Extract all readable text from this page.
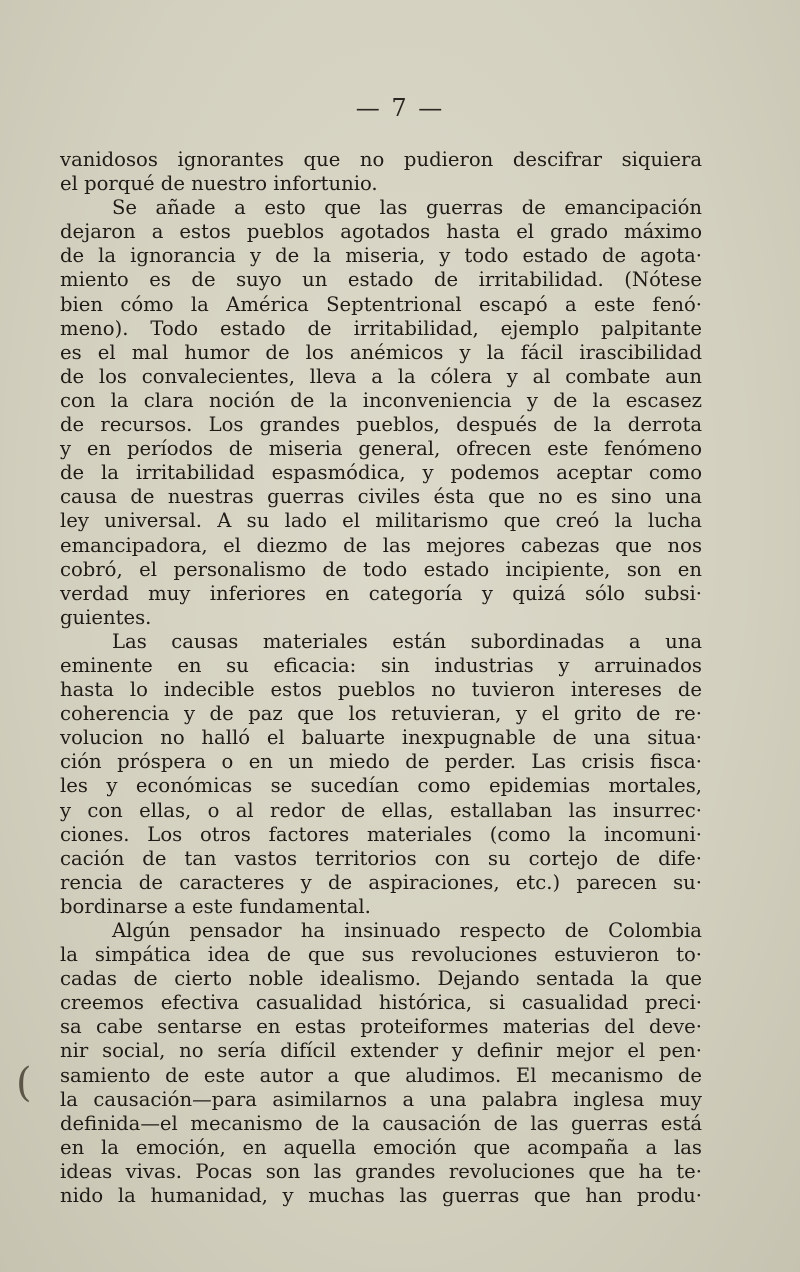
— 7 —
(
vanidosos ignorantes que no pudieron descifrar siquiera
el porqué de nuestro infortunio.
Se añade a esto que las guerras de emancipación
dejaron a estos pueblos agotados hasta el grado máximo
de la ignorancia y de la miseria, y todo estado de agota·
miento es de suyo un estado de irritabilidad. (Nótese
bien cómo la América Septentrional escapó a este fenó·
meno). Todo estado de irritabilidad, ejemplo palpitante
es el mal humor de los anémicos y la fácil irascibilidad
de los convalecientes, lleva a la cólera y al combate aun
con la clara noción de la inconveniencia y de la escasez
de recursos. Los grandes pueblos, después de la derrota
y en períodos de miseria general, ofrecen este fenómeno
de la irritabilidad espasmódica, y podemos aceptar como
causa de nuestras guerras civiles ésta que no es sino una
ley universal. A su lado el militarismo que creó la lucha
emancipadora, el diezmo de las mejores cabezas que nos
cobró, el personalismo de todo estado incipiente, son en
verdad muy inferiores en categoría y quizá sólo subsi·
guientes.
Las causas materiales están subordinadas a una
eminente en su eficacia: sin industrias y arruinados
hasta lo indecible estos pueblos no tuvieron intereses de
coherencia y de paz que los retuvieran, y el grito de re·
volucion no halló el baluarte inexpugnable de una situa·
ción próspera o en un miedo de perder. Las crisis fisca·
les y económicas se sucedían como epidemias mortales,
y con ellas, o al redor de ellas, estallaban las insurrec·
ciones. Los otros factores materiales (como la incomuni·
cación de tan vastos territorios con su cortejo de dife·
rencia de caracteres y de aspiraciones, etc.) parecen su·
bordinarse a este fundamental.
Algún pensador ha insinuado respecto de Colombia
la simpática idea de que sus revoluciones estuvieron to·
cadas de cierto noble idealismo. Dejando sentada la que
creemos efectiva casualidad histórica, si casualidad preci·
sa cabe sentarse en estas proteiformes materias del deve·
nir social, no sería difícil extender y definir mejor el pen·
samiento de este autor a que aludimos. El mecanismo de
la causación—para asimilarnos a una palabra inglesa muy
definida—el mecanismo de la causación de las guerras está
en la emoción, en aquella emoción que acompaña a las
ideas vivas. Pocas son las grandes revoluciones que ha te·
nido la humanidad, y muchas las guerras que han produ·
